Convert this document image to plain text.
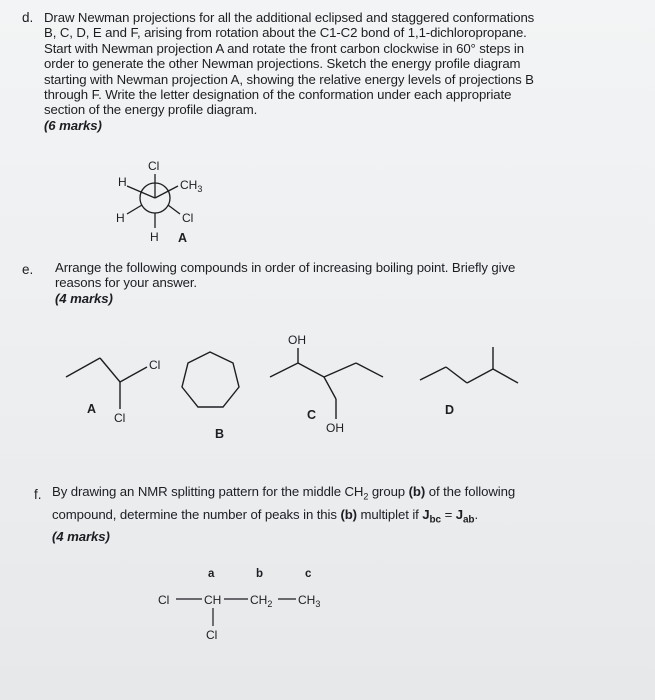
d. Draw Newman projections for all the additional eclipsed and staggered conformations
B, C, D, E and F, arising from rotation about the C1-C2 bond of 1,1-dichloropropane.
Start with Newman projection A and rotate the front carbon clockwise in 60° steps in
order to generate the other Newman projections. Sketch the energy profile diagram
starting with Newman projection A, showing the relative energy levels of projections B
through F. Write the letter designation of the conformation under each appropriate
section of the energy profile diagram.
(6 marks)
Cl
H	$CH_3$
H	Cl
H A
e. Arrange the following compounds in order of increasing boiling point. Briefly give
reasons for your answer.
(4 marks)
Cl
Cl
A
B
OH
OH
C	D
f. By drawing an NMR splitting pattern for the middle $CH_2$ group (b) of the following
compound, determine the number of peaks in this (b) multiplet if $J_{bc} = J_{ab}$.
(4 marks)
a	b	c
Cl	CH $CH_2$ $CH_3$
Cl
